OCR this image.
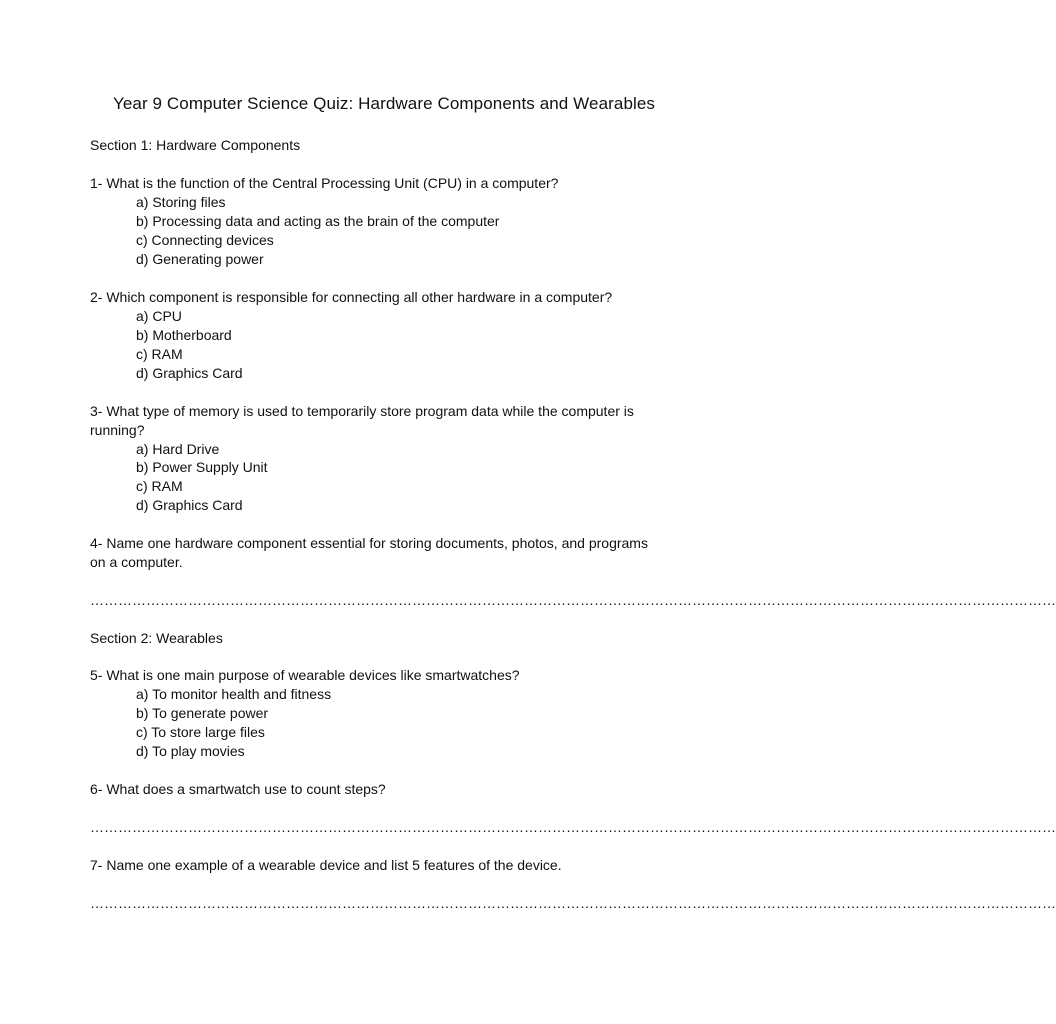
Year 9 Computer Science Quiz: Hardware Components and Wearables
Section 1: Hardware Components
1- What is the function of the Central Processing Unit (CPU) in a computer?
a) Storing files
b) Processing data and acting as the brain of the computer
c) Connecting devices
d) Generating power
2- Which component is responsible for connecting all other hardware in a computer?
a) CPU
b) Motherboard
c) RAM
d) Graphics Card
3- What type of memory is used to temporarily store program data while the computer is
running?
a) Hard Drive
b) Power Supply Unit
c) RAM
d) Graphics Card
4- Name one hardware component essential for storing documents, photos, and programs
on a computer.
………………………………………………………………………………………………………………………………………………………………………………………
Section 2: Wearables
5- What is one main purpose of wearable devices like smartwatches?
a) To monitor health and fitness
b) To generate power
c) To store large files
d) To play movies
6- What does a smartwatch use to count steps?
………………………………………………………………………………………………………………………………………………………………………………………
7- Name one example of a wearable device and list 5 features of the device.
………………………………………………………………………………………………………………………………………………………………………………………
